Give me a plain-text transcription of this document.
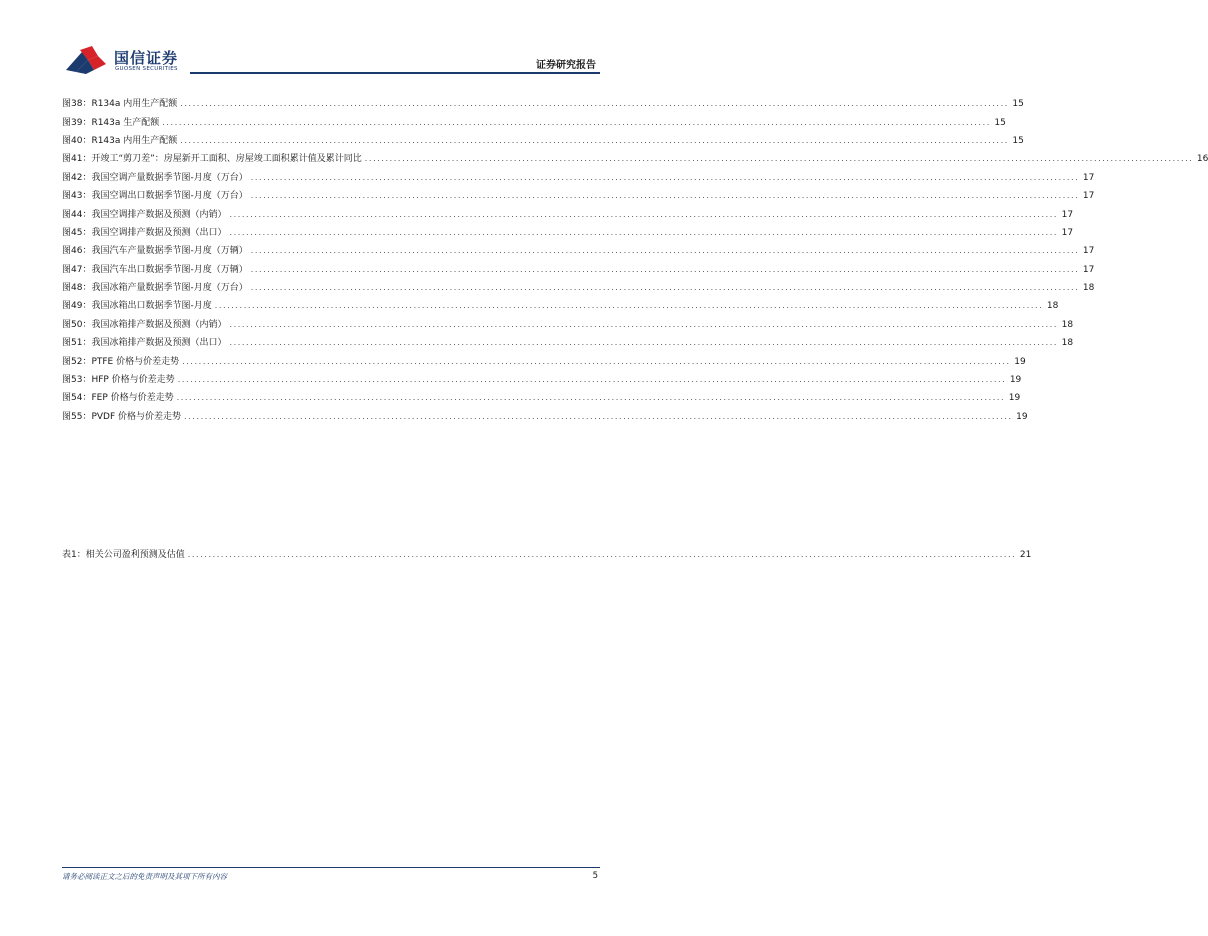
国信证券
GUOSEN SECURITIES	证券研究报告
图38： R134a 内用生产配额 ........................................................................................................................................................................................................ 15
图39： R143a 生产配额 ........................................................................................................................................................................................................ 15
图40： R143a 内用生产配额 ........................................................................................................................................................................................................ 15
图41： 开竣工“剪刀差”：房屋新开工面积、房屋竣工面积累计值及累计同比 ........................................................................................................................................................................................................ 16
图42： 我国空调产量数据季节图-月度（万台） ........................................................................................................................................................................................................ 17
图43： 我国空调出口数据季节图-月度（万台） ........................................................................................................................................................................................................ 17
图44： 我国空调排产数据及预测（内销） ........................................................................................................................................................................................................ 17
图45： 我国空调排产数据及预测（出口） ........................................................................................................................................................................................................ 17
图46： 我国汽车产量数据季节图-月度（万辆） ........................................................................................................................................................................................................ 17
图47： 我国汽车出口数据季节图-月度（万辆） ........................................................................................................................................................................................................ 17
图48： 我国冰箱产量数据季节图-月度（万台） ........................................................................................................................................................................................................ 18
图49： 我国冰箱出口数据季节图-月度 ........................................................................................................................................................................................................ 18
图50： 我国冰箱排产数据及预测（内销） ........................................................................................................................................................................................................ 18
图51： 我国冰箱排产数据及预测（出口） ........................................................................................................................................................................................................ 18
图52： PTFE 价格与价差走势 ........................................................................................................................................................................................................ 19
图53： HFP 价格与价差走势 ........................................................................................................................................................................................................ 19
图54： FEP 价格与价差走势 ........................................................................................................................................................................................................ 19
图55： PVDF 价格与价差走势 ........................................................................................................................................................................................................ 19
表1： 相关公司盈利预测及估值 ........................................................................................................................................................................................................ 21
请务必阅读正文之后的免责声明及其项下所有内容	5
